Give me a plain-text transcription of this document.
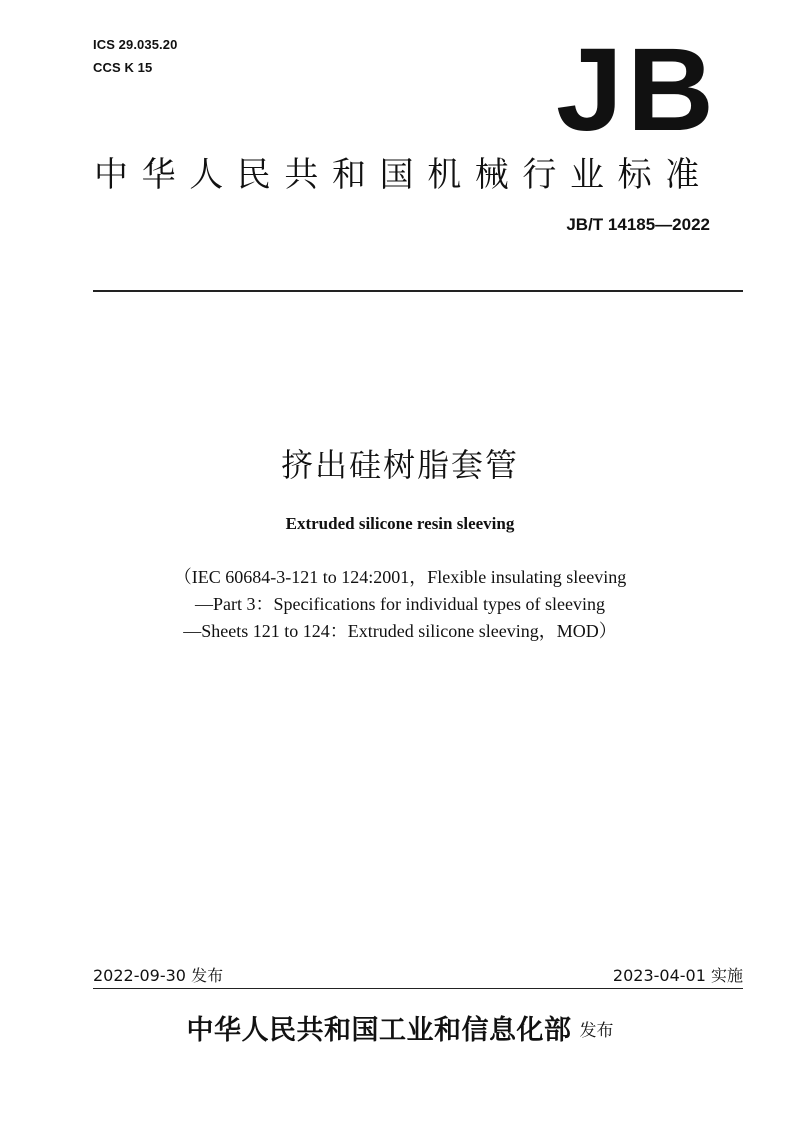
ICS 29.035.20
CCS K 15	JB
中华人民共和国机械行业标准
JB/T 14185—2022
挤出硅树脂套管
Extruded silicone resin sleeving
（IEC 60684-3-121 to 124:2001，Flexible insulating sleeving
—Part 3：Specifications for individual types of sleeving
—Sheets 121 to 124：Extruded silicone sleeving，MOD）
2022-09-30 发布	2023-04-01 实施
中华人民共和国工业和信息化部 发布
